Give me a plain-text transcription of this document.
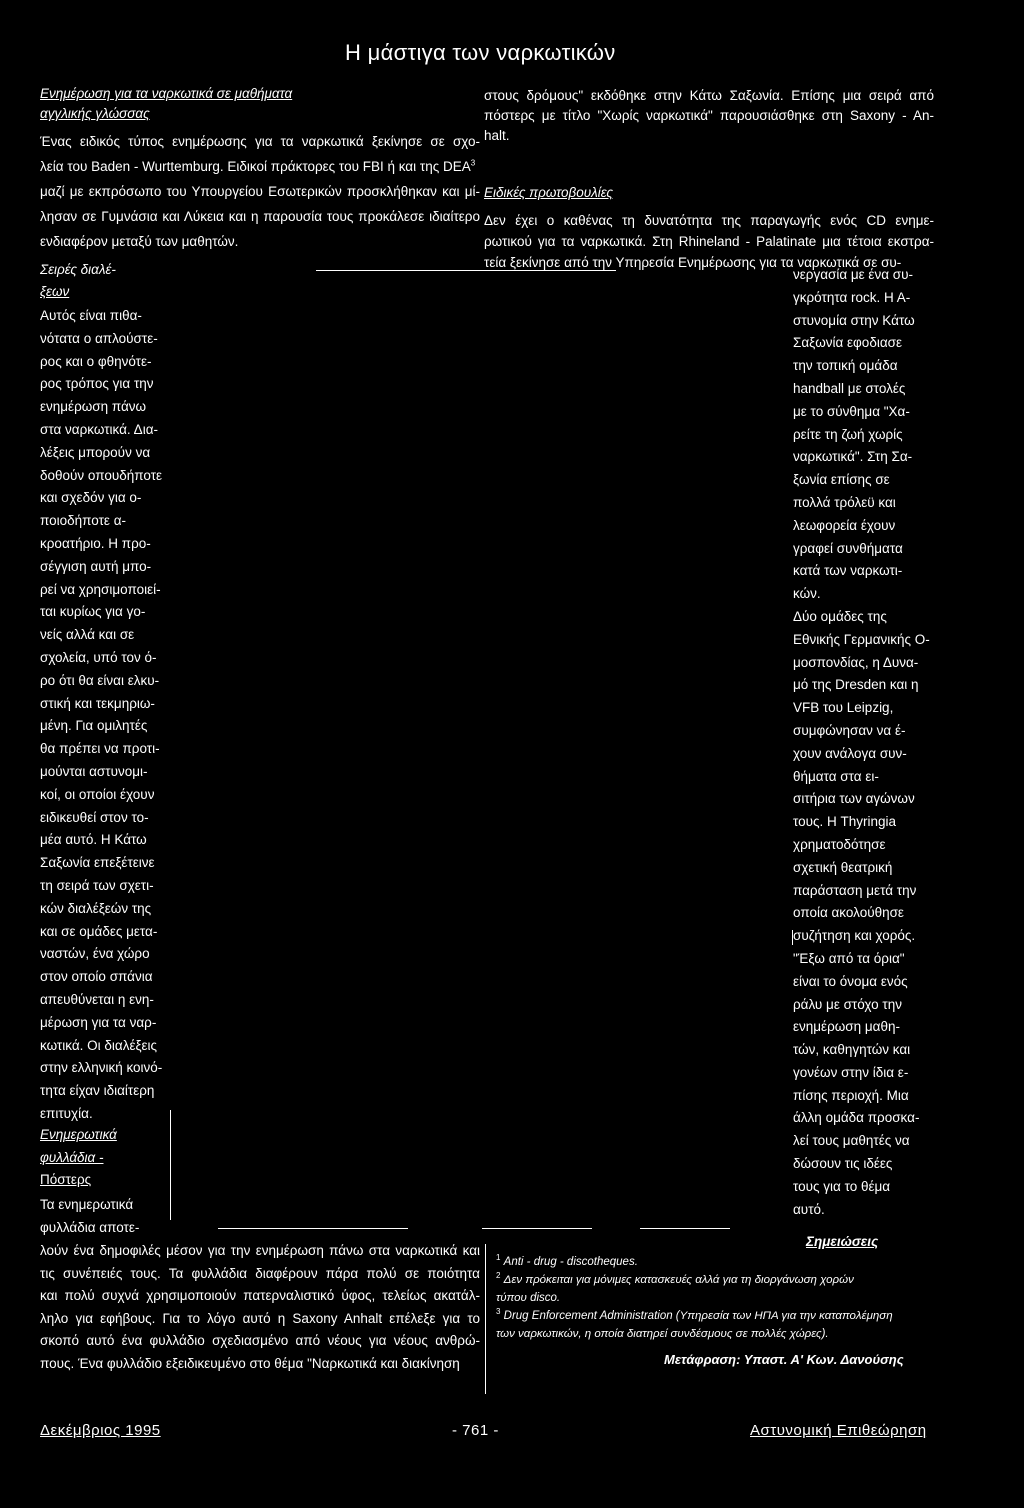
Η μάστιγα των ναρκωτικών
Ενημέρωση για τα ναρκωτικά σε μαθήματα
αγγλικής γλώσσας
Ένας ειδικός τύπος ενημέρωσης για τα ναρκωτικά ξεκίνησε σε σχο-
λεία του Baden - Wurttemburg. Ειδικοί πράκτορες του FBI ή και της DEA$^3$
μαζί με εκπρόσωπο του Υπουργείου Εσωτερικών προσκλήθηκαν και μί-
λησαν σε Γυμνάσια και Λύκεια και η παρουσία τους προκάλεσε ιδιαίτερο
ενδιαφέρον μεταξύ των μαθητών.
Σειρές διαλέ-
ξεων
Αυτός είναι πιθα-
νότατα ο απλούστε-
ρος και ο φθηνότε-
ρος τρόπος για την
ενημέρωση πάνω
στα ναρκωτικά. Δια-
λέξεις μπορούν να
δοθούν οπουδήποτε
και σχεδόν για ο-
ποιοδήποτε α-
κροατήριο. Η προ-
σέγγιση αυτή μπο-
ρεί να χρησιμοποιεί-
ται κυρίως για γο-
νείς αλλά και σε
σχολεία, υπό τον ό-
ρο ότι θα είναι ελκυ-
στική και τεκμηριω-
μένη. Για ομιλητές
θα πρέπει να προτι-
μούνται αστυνομι-
κοί, οι οποίοι έχουν
ειδικευθεί στον το-
μέα αυτό. Η Κάτω
Σαξωνία επεξέτεινε
τη σειρά των σχετι-
κών διαλέξεών της
και σε ομάδες μετα-
ναστών, ένα χώρο
στον οποίο σπάνια
απευθύνεται η ενη-
μέρωση για τα ναρ-
κωτικά. Οι διαλέξεις
στην ελληνική κοινό-
τητα είχαν ιδιαίτερη
επιτυχία.
Ενημερωτικά
φυλλάδια -
Πόστερς
Τα ενημερωτικά
φυλλάδια αποτε-
λούν ένα δημοφιλές μέσον για την ενημέρωση πάνω στα ναρκωτικά και
τις συνέπειές τους. Τα φυλλάδια διαφέρουν πάρα πολύ σε ποιότητα
και πολύ συχνά χρησιμοποιούν πατερναλιστικό ύφος, τελείως ακατάλ-
ληλο για εφήβους. Για το λόγο αυτό η Saxony Anhalt επέλεξε για το
σκοπό αυτό ένα φυλλάδιο σχεδιασμένο από νέους για νέους ανθρώ-
πους. Ένα φυλλάδιο εξειδικευμένο στο θέμα "Ναρκωτικά και διακίνηση
στους δρόμους" εκδόθηκε στην Κάτω Σαξωνία. Επίσης μια σειρά από
πόστερς με τίτλο "Χωρίς ναρκωτικά" παρουσιάσθηκε στη Saxony - An-
halt.
Ειδικές πρωτοβουλίες
Δεν έχει ο καθένας τη δυνατότητα της παραγωγής ενός CD ενημε-
ρωτικού για τα ναρκωτικά. Στη Rhineland - Palatinate μια τέτοια εκστρα-
τεία ξεκίνησε από την Υπηρεσία Ενημέρωσης για τα ναρκωτικά σε συ-
νεργασία με ένα συ-
γκρότητα rock. Η Α-
στυνομία στην Κάτω
Σαξωνία εφοδιασε
την τοπική ομάδα
handball με στολές
με το σύνθημα "Χα-
ρείτε τη ζωή χωρίς
ναρκωτικά". Στη Σα-
ξωνία επίσης σε
πολλά τρόλεϋ και
λεωφορεία έχουν
γραφεί συνθήματα
κατά των ναρκωτι-
κών.
Δύο ομάδες της
Εθνικής Γερμανικής Ο-
μοσπονδίας, η Δυνα-
μό της Dresden και η
VFB του Leipzig,
συμφώνησαν να έ-
χουν ανάλογα συν-
θήματα στα ει-
σιτήρια των αγώνων
τους. Η Thyringia
χρηματοδότησε
σχετική θεατρική
παράσταση μετά την
οποία ακολούθησε
συζήτηση και χορός.
"Έξω από τα όρια"
είναι το όνομα ενός
ράλυ με στόχο την
ενημέρωση μαθη-
τών, καθηγητών και
γονέων στην ίδια ε-
πίσης περιοχή. Μια
άλλη ομάδα προσκα-
λεί τους μαθητές να
δώσουν τις ιδέες
τους για το θέμα
αυτό.
Σημειώσεις
$^1$ Anti - drug - discotheques.
$^2$ Δεν πρόκειται για μόνιμες κατασκευές αλλά για τη διοργάνωση χορών
τύπου disco.
$^3$ Drug Enforcement Administration (Υπηρεσία των ΗΠΑ για την καταπολέμηση
των ναρκωτικών, η οποία διατηρεί συνδέσμους σε πολλές χώρες).
Μετάφραση: Υπαστ. Α' Κων. Δανούσης
Δεκέμβριος 1995	- 761 -	Αστυνομική Επιθεώρηση
